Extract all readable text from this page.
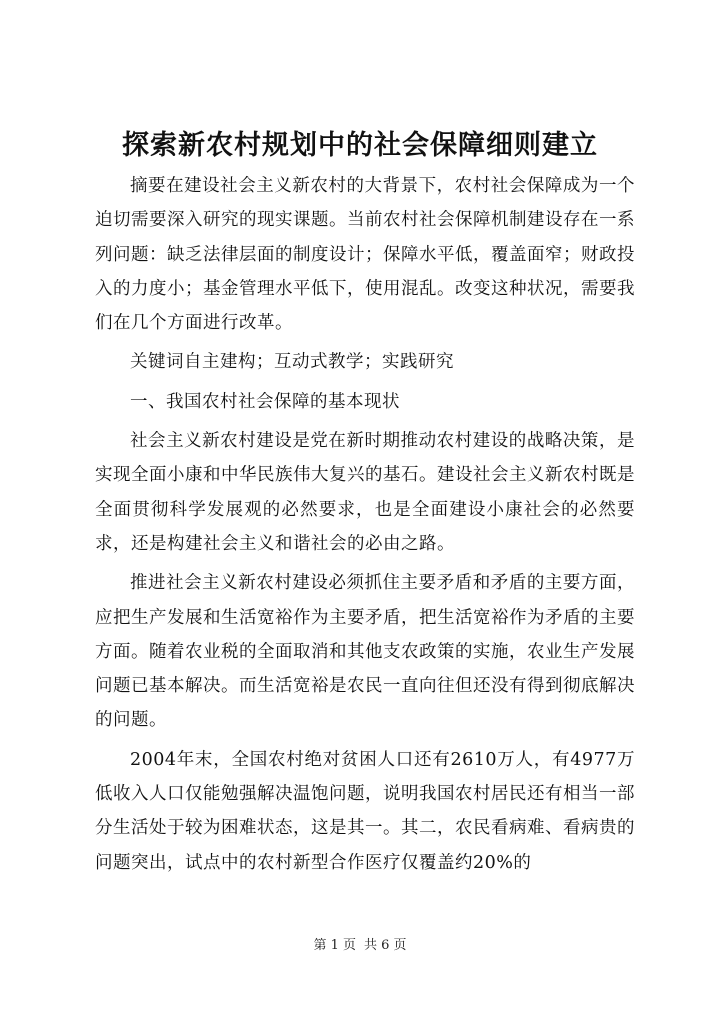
探索新农村规划中的社会保障细则建立

摘要在建设社会主义新农村的大背景下，农村社会保障成为一个迫切需要深入研究的现实课题。当前农村社会保障机制建设存在一系列问题：缺乏法律层面的制度设计；保障水平低，覆盖面窄；财政投入的力度小；基金管理水平低下，使用混乱。改变这种状况，需要我们在几个方面进行改革。

关键词自主建构；互动式教学；实践研究

一、我国农村社会保障的基本现状

社会主义新农村建设是党在新时期推动农村建设的战略决策，是实现全面小康和中华民族伟大复兴的基石。建设社会主义新农村既是全面贯彻科学发展观的必然要求，也是全面建设小康社会的必然要求，还是构建社会主义和谐社会的必由之路。

推进社会主义新农村建设必须抓住主要矛盾和矛盾的主要方面，应把生产发展和生活宽裕作为主要矛盾，把生活宽裕作为矛盾的主要方面。随着农业税的全面取消和其他支农政策的实施，农业生产发展问题已基本解决。而生活宽裕是农民一直向往但还没有得到彻底解决的问题。

2004年末，全国农村绝对贫困人口还有2610万人，有4977万低收入人口仅能勉强解决温饱问题，说明我国农村居民还有相当一部分生活处于较为困难状态，这是其一。其二，农民看病难、看病贵的问题突出，试点中的农村新型合作医疗仅覆盖约20%的

第 1 页 共 6 页
